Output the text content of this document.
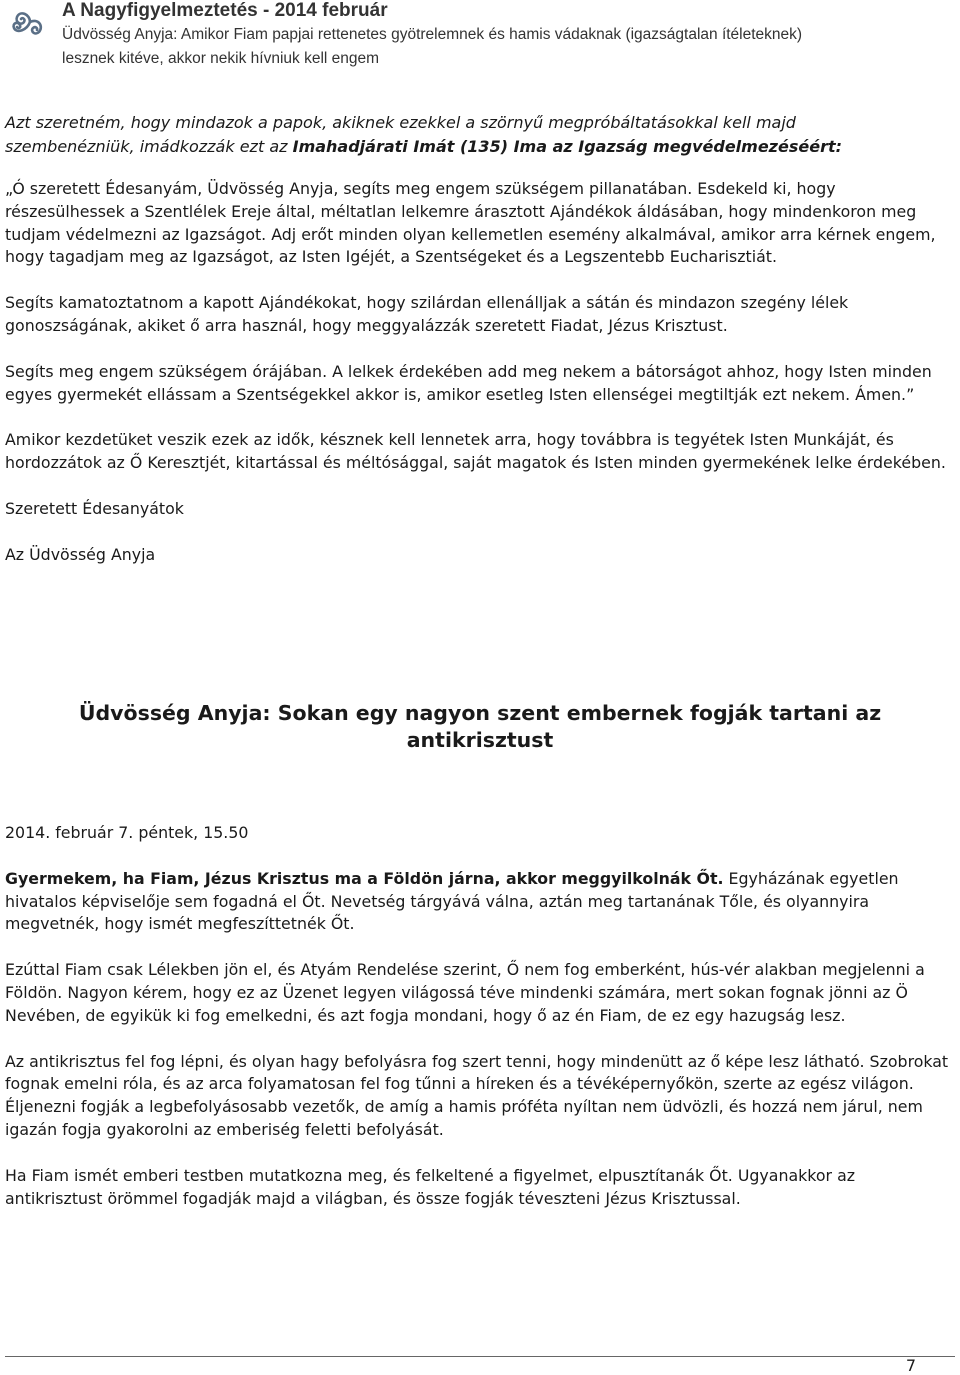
A Nagyfigyelmeztetés - 2014 február
Üdvösség Anyja: Amikor Fiam papjai rettenetes gyötrelemnek és hamis vádaknak (igazságtalan ítéleteknek)
lesznek kitéve, akkor nekik hívniuk kell engem
Azt szeretném, hogy mindazok a papok, akiknek ezekkel a szörnyű megpróbáltatásokkal kell majd
szembenézniük, imádkozzák ezt az Imahadjárati Imát (135) Ima az Igazság megvédelmezéséért:

„Ó szeretett Édesanyám, Üdvösség Anyja, segíts meg engem szükségem pillanatában. Esdekeld ki, hogy részesülhessek a Szentlélek Ereje által, méltatlan lelkemre árasztott Ajándékok áldásában, hogy mindenkoron meg tudjam védelmezni az Igazságot. Adj erőt minden olyan kellemetlen esemény alkalmával, amikor arra kérnek engem, hogy tagadjam meg az Igazságot, az Isten Igéjét, a Szentségeket és a Legszentebb Eucharisztiát.

Segíts kamatoztatnom a kapott Ajándékokat, hogy szilárdan ellenálljak a sátán és mindazon szegény lélek gonoszságának, akiket ő arra használ, hogy meggyalázzák szeretett Fiadat, Jézus Krisztust.

Segíts meg engem szükségem órájában. A lelkek érdekében add meg nekem a bátorságot ahhoz, hogy Isten minden egyes gyermekét ellássam a Szentségekkel akkor is, amikor esetleg Isten ellenségei megtiltják ezt nekem. Ámen.”

Amikor kezdetüket veszik ezek az idők, késznek kell lennetek arra, hogy továbbra is tegyétek Isten Munkáját, és hordozzátok az Ő Keresztjét, kitartással és méltósággal, saját magatok és Isten minden gyermekének lelke érdekében.

Szeretett Édesanyátok

Az Üdvösség Anyja

Üdvösség Anyja: Sokan egy nagyon szent embernek fogják tartani az
antikrisztust

2014. február 7. péntek, 15.50

Gyermekem, ha Fiam, Jézus Krisztus ma a Földön járna, akkor meggyilkolnák Őt. Egyházának egyetlen hivatalos képviselője sem fogadná el Őt. Nevetség tárgyává válna, aztán meg tartanának Tőle, és olyannyira megvetnék, hogy ismét megfeszíttetnék Őt.

Ezúttal Fiam csak Lélekben jön el, és Atyám Rendelése szerint, Ő nem fog emberként, hús-vér alakban megjelenni a Földön. Nagyon kérem, hogy ez az Üzenet legyen világossá téve mindenki számára, mert sokan fognak jönni az Ö Nevében, de egyikük ki fog emelkedni, és azt fogja mondani, hogy ő az én Fiam, de ez egy hazugság lesz.

Az antikrisztus fel fog lépni, és olyan hagy befolyásra fog szert tenni, hogy mindenütt az ő képe lesz látható. Szobrokat fognak emelni róla, és az arca folyamatosan fel fog tűnni a híreken és a tévéképernyőkön, szerte az egész világon. Éljenezni fogják a legbefolyásosabb vezetők, de amíg a hamis próféta nyíltan nem üdvözli, és hozzá nem járul, nem igazán fogja gyakorolni az emberiség feletti befolyását.

Ha Fiam ismét emberi testben mutatkozna meg, és felkeltené a figyelmet, elpusztítanák Őt. Ugyanakkor az antikrisztust örömmel fogadják majd a világban, és össze fogják téveszteni Jézus Krisztussal.

7
